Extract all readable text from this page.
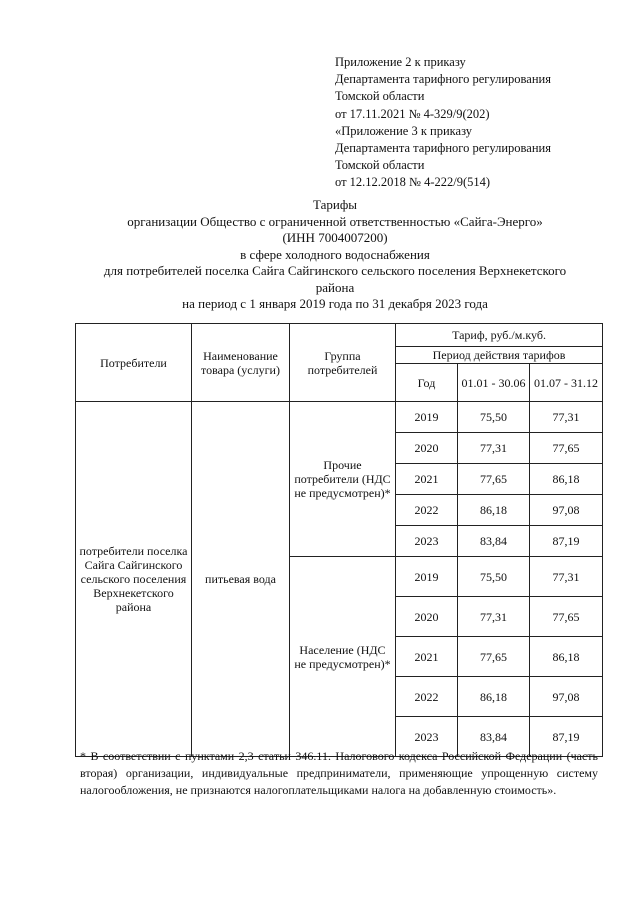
Приложение 2 к приказу
Департамента тарифного регулирования
Томской области
от 17.11.2021 № 4-329/9(202)
«Приложение 3 к приказу
Департамента тарифного регулирования
Томской области
от 12.12.2018 № 4-222/9(514)
Тарифы
организации Общество с ограниченной ответственностью «Сайга-Энерго»
(ИНН 7004007200)
в сфере холодного водоснабжения
для потребителей поселка Сайга Сайгинского сельского поселения Верхнекетского
района
на период с 1 января 2019 года по 31 декабря 2023 года
Потребители	Наименование товара (услуги)	Группа потребителей	Тариф, руб./м.куб.		
			Период действия тарифов		
			Год	01.01 - 30.06	01.07 - 31.12
потребители поселка Сайга Сайгинского сельского поселения Верхнекетского района	питьевая вода	Прочие потребители (НДС не предусмотрен)*	2019	75,50	77,31
			2020	77,31	77,65
			2021	77,65	86,18
			2022	86,18	97,08
			2023	83,84	87,19
		Население (НДС не предусмотрен)*	2019	75,50	77,31
			2020	77,31	77,65
			2021	77,65	86,18
			2022	86,18	97,08
			2023	83,84	87,19
* В соответствии с пунктами 2,3 статьи 346.11. Налогового кодекса Российской Федерации (часть вторая) организации, индивидуальные предприниматели, применяющие упрощенную систему налогообложения, не признаются налогоплательщиками налога на добавленную стоимость».
